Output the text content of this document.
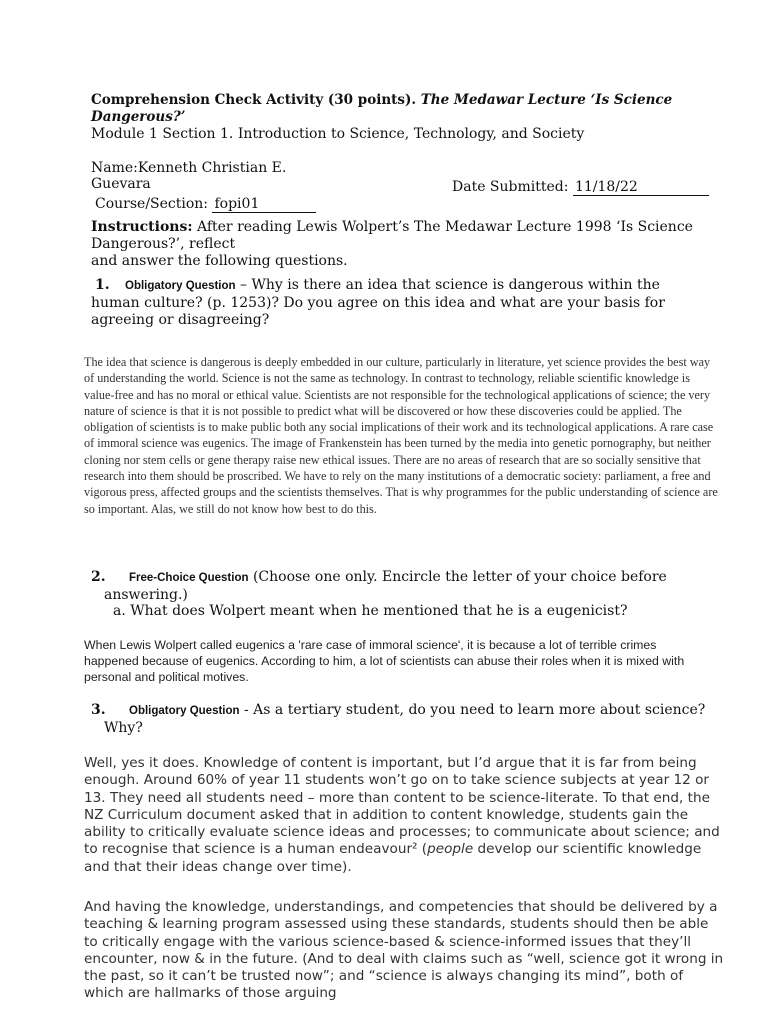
Comprehension Check Activity (30 points). The Medawar Lecture ‘Is Science Dangerous?’
Module 1 Section 1. Introduction to Science, Technology, and Society
Name:Kenneth Christian E. Guevara	Date Submitted: 11/18/22
Course/Section: fopi01
Instructions: After reading Lewis Wolpert’s The Medawar Lecture 1998 ‘Is Science Dangerous?’, reflect
and answer the following questions.
1. Obligatory Question – Why is there an idea that science is dangerous within the human culture? (p. 1253)? Do you agree on this idea and what are your basis for agreeing or disagreeing?
The idea that science is dangerous is deeply embedded in our culture, particularly in literature, yet science provides the best way of understanding the world. Science is not the same as technology. In contrast to technology, reliable scientific knowledge is value-free and has no moral or ethical value. Scientists are not responsible for the technological applications of science; the very nature of science is that it is not possible to predict what will be discovered or how these discoveries could be applied. The obligation of scientists is to make public both any social implications of their work and its technological applications. A rare case of immoral science was eugenics. The image of Frankenstein has been turned by the media into genetic pornography, but neither cloning nor stem cells or gene therapy raise new ethical issues. There are no areas of research that are so socially sensitive that research into them should be proscribed. We have to rely on the many institutions of a democratic society: parliament, a free and vigorous press, affected groups and the scientists themselves. That is why programmes for the public understanding of science are so important. Alas, we still do not know how best to do this.
2. Free-Choice Question (Choose one only. Encircle the letter of your choice before
answering.)
a. What does Wolpert meant when he mentioned that he is a eugenicist?
When Lewis Wolpert called eugenics a 'rare case of immoral science', it is because a lot of terrible crimes happened because of eugenics. According to him, a lot of scientists can abuse their roles when it is mixed with personal and political motives.
3. Obligatory Question - As a tertiary student, do you need to learn more about science?
Why?
Well, yes it does. Knowledge of content is important, but I’d argue that it is far from being enough. Around 60% of year 11 students won’t go on to take science subjects at year 12 or 13. They need all students need – more than content to be science-literate. To that end, the NZ Curriculum document asked that in addition to content knowledge, students gain the ability to critically evaluate science ideas and processes; to communicate about science; and to recognise that science is a human endeavour² (people develop our scientific knowledge and that their ideas change over time).
And having the knowledge, understandings, and competencies that should be delivered by a teaching & learning program assessed using these standards, students should then be able to critically engage with the various science-based & science-informed issues that they’ll encounter, now & in the future. (And to deal with claims such as “well, science got it wrong in the past, so it can’t be trusted now”; and “science is always changing its mind”, both of which are hallmarks of those arguing
